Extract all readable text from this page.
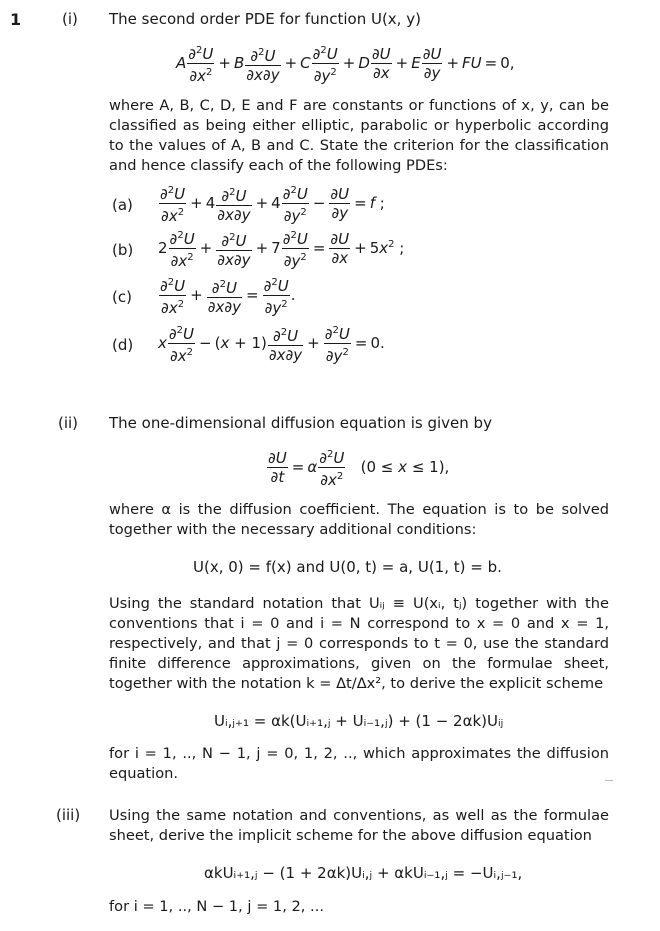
1	(i)
(ii)
(iii)
The second order PDE for function U(x, y)
A $\frac{\partial^2U}{\partial x^2} + B \frac{\partial^2U}{\partial x\partial y} + C \frac{\partial^2U}{\partial y^2} + D \frac{\partial U}{\partial x} + E \frac{\partial U}{\partial y}$ + FU = 0,
where A, B, C, D, E and F are constants or functions of x, y, can be classified as being either elliptic, parabolic or hyperbolic according to the values of A, B and C. State the criterion for the classification and hence classify each of the following PDEs:
$(a) \frac{\partial^2U}{\partial x^2} + 4 \frac{\partial^2U}{\partial x\partial y} + 4 \frac{\partial^2U}{\partial y^2} - \frac{\partial U}{\partial y} = f$ ;
(b) $2 \frac{\partial^2U}{\partial x^2} + \frac{\partial^2U}{\partial x\partial y} + 7 \frac{\partial^2U}{\partial y^2} = \frac{\partial U}{\partial x} + 5x^2$ ;
$(c) \frac{\partial^2U}{\partial x^2} + \frac{\partial^2U}{\partial x\partial y} = \frac{\partial^2U}{\partial y^2}$ .
(d) x $\frac{\partial^2U}{\partial x^2} - (x + 1) \frac{\partial^2U}{\partial x\partial y} + \frac{\partial^2U}{\partial y^2} = 0$.
The one-dimensional diffusion equation is given by
$\frac{\partial U}{\partial t} = \alpha \frac{\partial^2U}{\partial x^2} (0 \le x \le 1)$,
where α is the diffusion coefficient. The equation is to be solved together with the necessary additional conditions:
U(x, 0) = f(x) and U(0, t) = a, U(1, t) = b.
Using the standard notation that Uᵢⱼ ≡ U(xᵢ, tⱼ) together with the conventions that i = 0 and i = N correspond to x = 0 and x = 1, respectively, and that j = 0 corresponds to t = 0, use the standard finite difference approximations, given on the formulae sheet, together with the notation k = Δt/Δx², to derive the explicit scheme
Uᵢ,ⱼ₊₁ = αk(Uᵢ₊₁,ⱼ + Uᵢ₋₁,ⱼ) + (1 − 2αk)Uᵢⱼ
for i = 1, .., N − 1, j = 0, 1, 2, .., which approximates the diffusion equation.
Using the same notation and conventions, as well as the formulae sheet, derive the implicit scheme for the above diffusion equation
αkUᵢ₊₁,ⱼ − (1 + 2αk)Uᵢ,ⱼ + αkUᵢ₋₁,ⱼ = −Uᵢ,ⱼ₋₁,
for i = 1, .., N − 1, j = 1, 2, ...
